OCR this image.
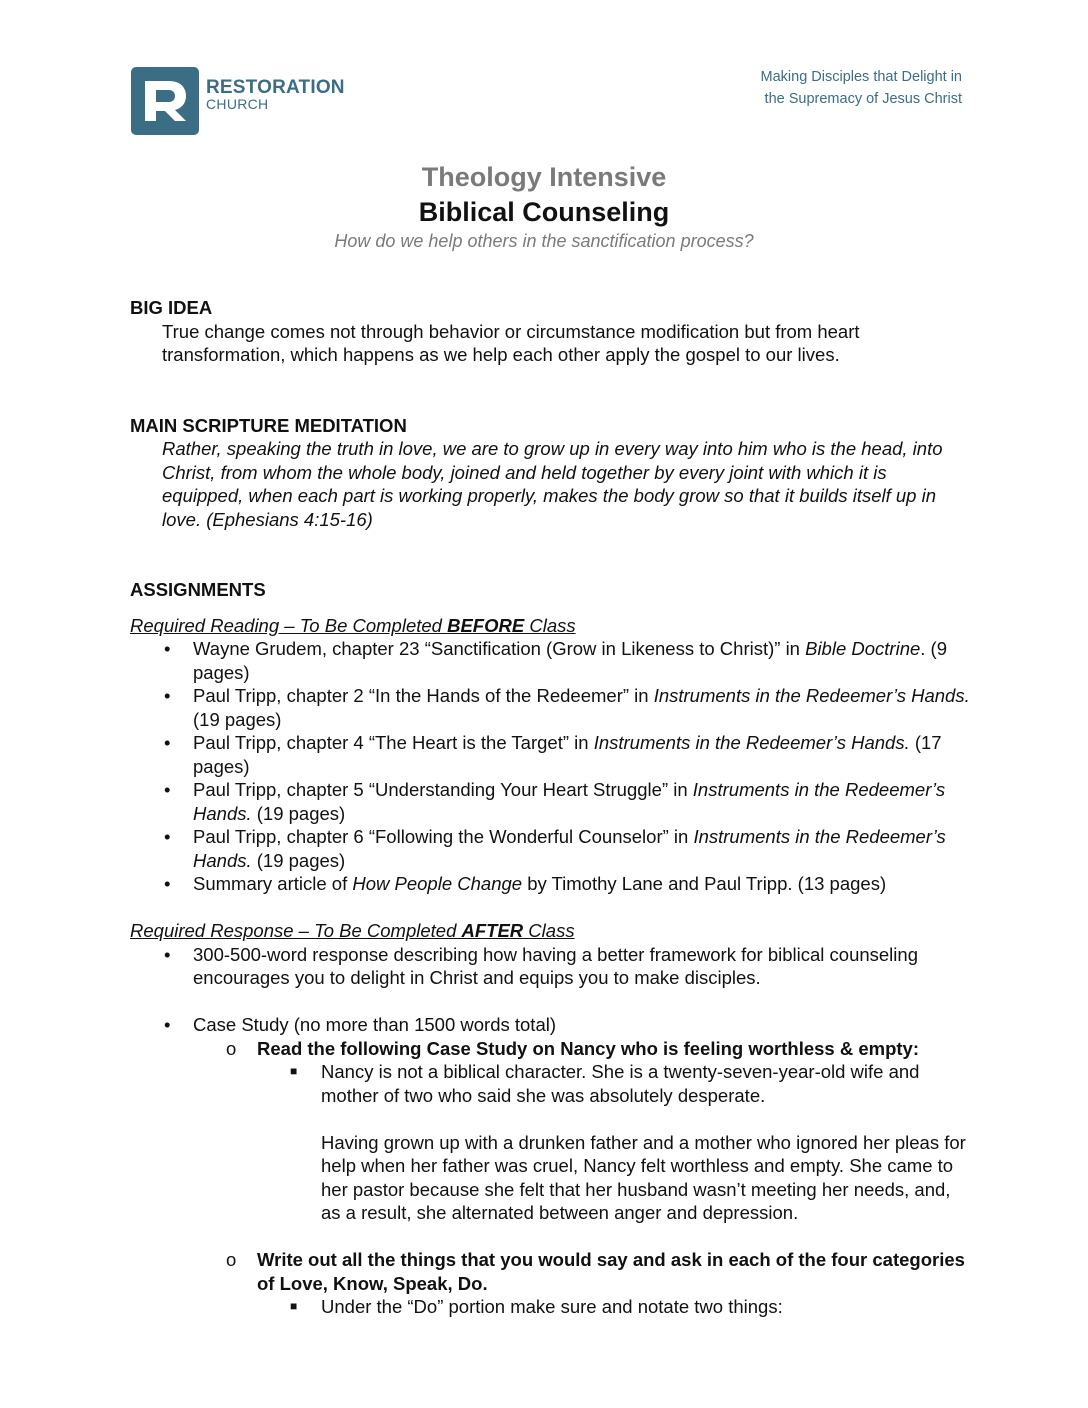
RESTORATION
CHURCH
Making Disciples that Delight in
the Supremacy of Jesus Christ
Theology Intensive
Biblical Counseling
How do we help others in the sanctification process?
BIG IDEA
True change comes not through behavior or circumstance modification but from heart transformation, which happens as we help each other apply the gospel to our lives.
MAIN SCRIPTURE MEDITATION
Rather, speaking the truth in love, we are to grow up in every way into him who is the head, into Christ, from whom the whole body, joined and held together by every joint with which it is equipped, when each part is working properly, makes the body grow so that it builds itself up in love. (Ephesians 4:15-16)
ASSIGNMENTS
Required Reading – To Be Completed BEFORE Class
• Wayne Grudem, chapter 23 “Sanctification (Grow in Likeness to Christ)” in Bible Doctrine. (9 pages)
• Paul Tripp, chapter 2 “In the Hands of the Redeemer” in Instruments in the Redeemer’s Hands. (19 pages)
• Paul Tripp, chapter 4 “The Heart is the Target” in Instruments in the Redeemer’s Hands. (17 pages)
• Paul Tripp, chapter 5 “Understanding Your Heart Struggle” in Instruments in the Redeemer’s Hands. (19 pages)
• Paul Tripp, chapter 6 “Following the Wonderful Counselor” in Instruments in the Redeemer’s Hands. (19 pages)
• Summary article of How People Change by Timothy Lane and Paul Tripp. (13 pages)
Required Response – To Be Completed AFTER Class
• 300-500-word response describing how having a better framework for biblical counseling encourages you to delight in Christ and equips you to make disciples.
• Case Study (no more than 1500 words total)
o Read the following Case Study on Nancy who is feeling worthless & empty:
■ Nancy is not a biblical character. She is a twenty-seven-year-old wife and mother of two who said she was absolutely desperate.
Having grown up with a drunken father and a mother who ignored her pleas for help when her father was cruel, Nancy felt worthless and empty. She came to her pastor because she felt that her husband wasn’t meeting her needs, and, as a result, she alternated between anger and depression.
o Write out all the things that you would say and ask in each of the four categories of Love, Know, Speak, Do.
■ Under the “Do” portion make sure and notate two things:
